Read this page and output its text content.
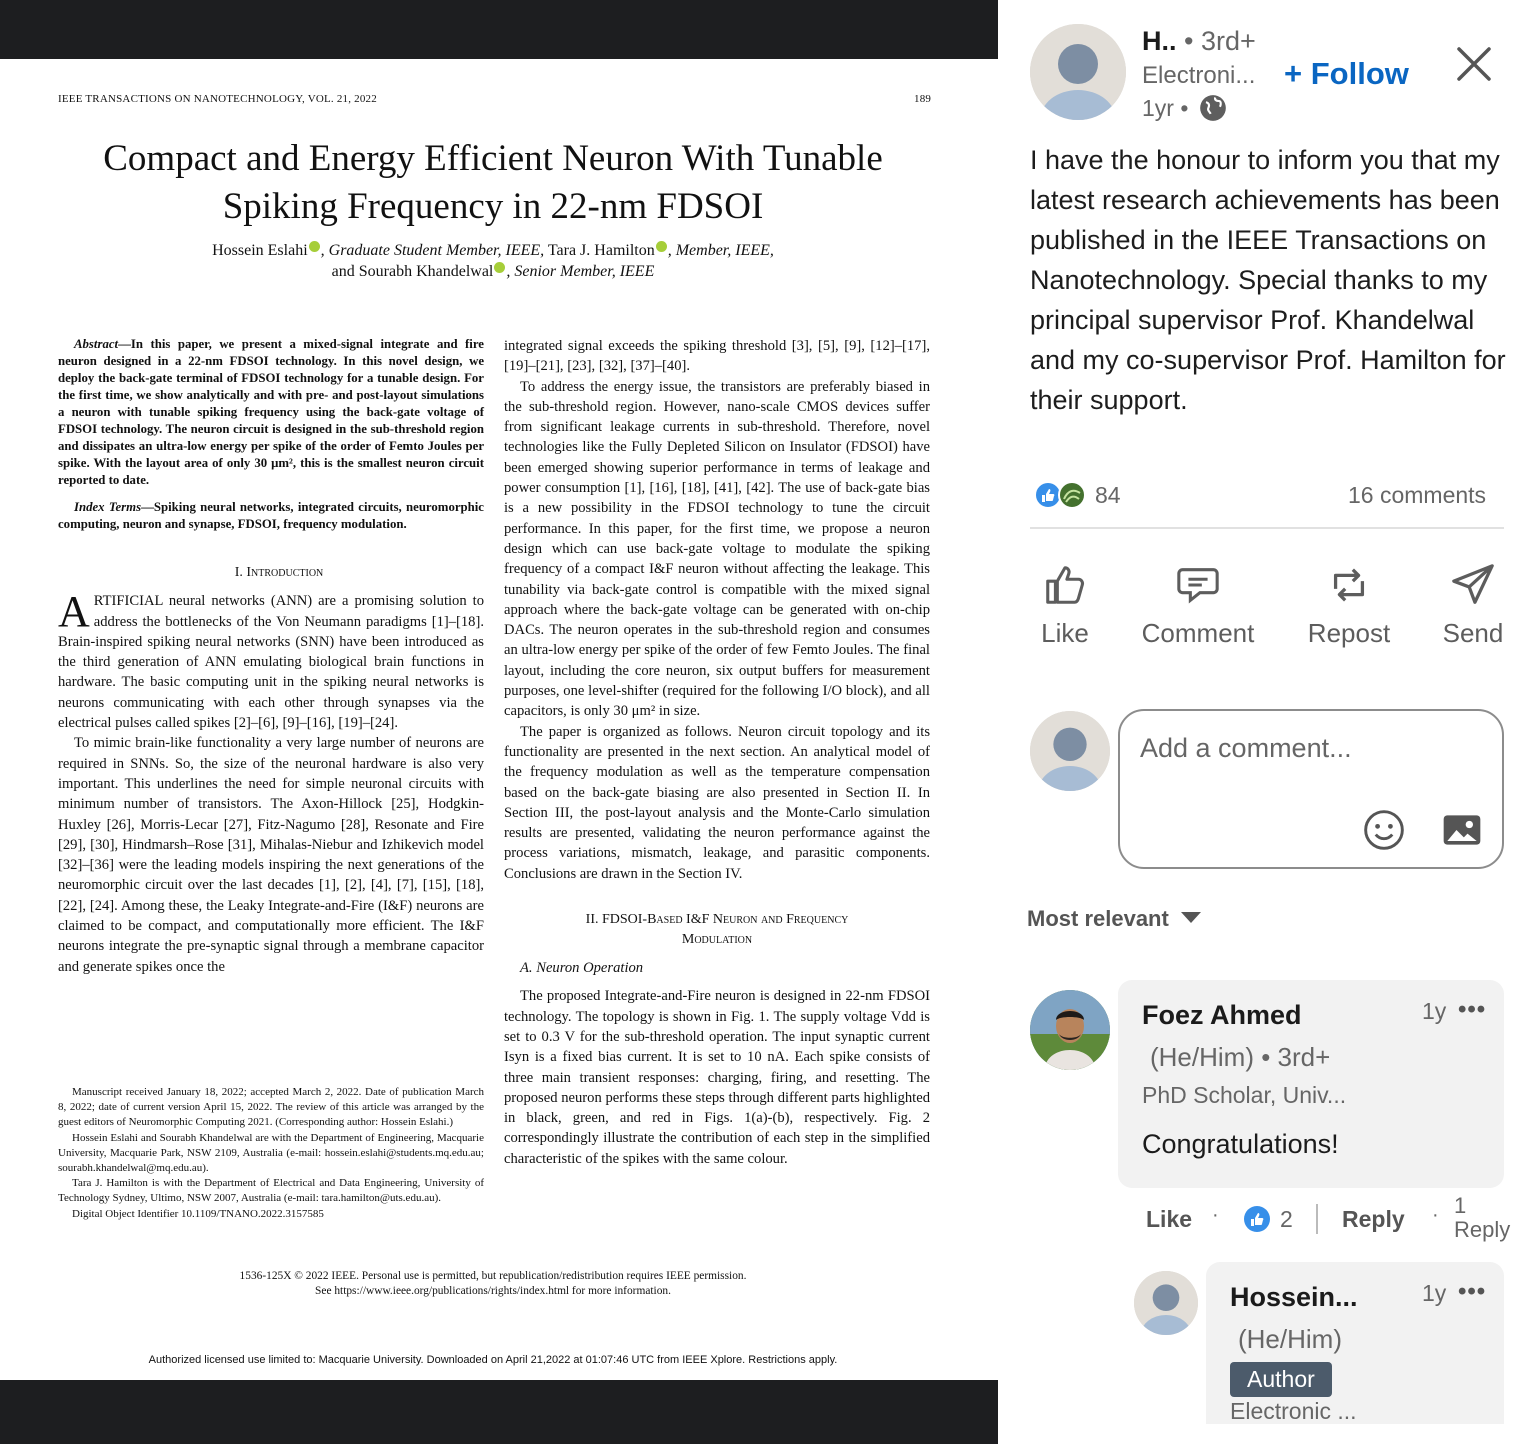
IEEE TRANSACTIONS ON NANOTECHNOLOGY, VOL. 21, 2022	189
Compact and Energy Efficient Neuron With Tunable
Spiking Frequency in 22-nm FDSOI
Hossein Eslahi , Graduate Student Member, IEEE, Tara J. Hamilton , Member, IEEE,
and Sourabh Khandelwal , Senior Member, IEEE

Abstract—In this paper, we present a mixed-signal integrate and fire neuron designed in a 22-nm FDSOI technology. In this novel design, we deploy the back-gate terminal of FDSOI technology for a tunable design. For the first time, we show analytically and with pre- and post-layout simulations a neuron with tunable spiking frequency using the back-gate voltage of FDSOI technology. The neuron circuit is designed in the sub-threshold region and dissipates an ultra-low energy per spike of the order of Femto Joules per spike. With the layout area of only 30 μm², this is the smallest neuron circuit reported to date.

Index Terms—Spiking neural networks, integrated circuits, neuromorphic computing, neuron and synapse, FDSOI, frequency modulation.

I. Introduction

ARTIFICIAL neural networks (ANN) are a promising solution to address the bottlenecks of the Von Neumann paradigms [1]–[18]. Brain-inspired spiking neural networks (SNN) have been introduced as the third generation of ANN emulating biological brain functions in hardware. The basic computing unit in the spiking neural networks is neurons communicating with each other through synapses via the electrical pulses called spikes [2]–[6], [9]–[16], [19]–[24].

To mimic brain-like functionality a very large number of neurons are required in SNNs. So, the size of the neuronal hardware is also very important. This underlines the need for simple neuronal circuits with minimum number of transistors. The Axon-Hillock [25], Hodgkin-Huxley [26], Morris-Lecar [27], Fitz-Nagumo [28], Resonate and Fire [29], [30], Hindmarsh–Rose [31], Mihalas-Niebur and Izhikevich model [32]–[36] were the leading models inspiring the next generations of the neuromorphic circuit over the last decades [1], [2], [4], [7], [15], [18], [22], [24]. Among these, the Leaky Integrate-and-Fire (I&F) neurons are claimed to be compact, and computationally more efficient. The I&F neurons integrate the pre-synaptic signal through a membrane capacitor and generate spikes once the

integrated signal exceeds the spiking threshold [3], [5], [9], [12]–[17], [19]–[21], [23], [32], [37]–[40].

To address the energy issue, the transistors are preferably biased in the sub-threshold region. However, nano-scale CMOS devices suffer from significant leakage currents in sub-threshold. Therefore, novel technologies like the Fully Depleted Silicon on Insulator (FDSOI) have been emerged showing superior performance in terms of leakage and power consumption [1], [16], [18], [41], [42]. The use of back-gate bias is a new possibility in the FDSOI technology to tune the circuit performance. In this paper, for the first time, we propose a neuron design which can use back-gate voltage to modulate the spiking frequency of a compact I&F neuron without affecting the leakage. This tunability via back-gate control is compatible with the mixed signal approach where the back-gate voltage can be generated with on-chip DACs. The neuron operates in the sub-threshold region and consumes an ultra-low energy per spike of the order of few Femto Joules. The final layout, including the core neuron, six output buffers for measurement purposes, one level-shifter (required for the following I/O block), and all capacitors, is only 30 μm² in size.

The paper is organized as follows. Neuron circuit topology and its functionality are presented in the next section. An analytical model of the frequency modulation as well as the temperature compensation based on the back-gate biasing are also presented in Section II. In Section III, the post-layout analysis and the Monte-Carlo simulation results are presented, validating the neuron performance against the process variations, mismatch, leakage, and parasitic components. Conclusions are drawn in the Section IV.

II. FDSOI-Based I&F Neuron and Frequency
Modulation

A. Neuron Operation

The proposed Integrate-and-Fire neuron is designed in 22-nm FDSOI technology. The topology is shown in Fig. 1. The supply voltage Vdd is set to 0.3 V for the sub-threshold operation. The input synaptic current Isyn is a fixed bias current. It is set to 10 nA. Each spike consists of three main transient responses: charging, firing, and resetting. The proposed neuron performs these steps through different parts highlighted in black, green, and red in Figs. 1(a)-(b), respectively. Fig. 2 correspondingly illustrate the contribution of each step in the simplified characteristic of the spikes with the same colour.

Manuscript received January 18, 2022; accepted March 2, 2022. Date of publication March 8, 2022; date of current version April 15, 2022. The review of this article was arranged by the guest editors of Neuromorphic Computing 2021. (Corresponding author: Hossein Eslahi.)

Hossein Eslahi and Sourabh Khandelwal are with the Department of Engineering, Macquarie University, Macquarie Park, NSW 2109, Australia (e-mail: hossein.eslahi@students.mq.edu.au; sourabh.khandelwal@mq.edu.au).

Tara J. Hamilton is with the Department of Electrical and Data Engineering, University of Technology Sydney, Ultimo, NSW 2007, Australia (e-mail: tara.hamilton@uts.edu.au).

Digital Object Identifier 10.1109/TNANO.2022.3157585

1536-125X © 2022 IEEE. Personal use is permitted, but republication/redistribution requires IEEE permission.
See https://www.ieee.org/publications/rights/index.html for more information.
Authorized licensed use limited to: Macquarie University. Downloaded on April 21,2022 at 01:07:46 UTC from IEEE Xplore. Restrictions apply.
H.. • 3rd+
Electroni...
1yr •
+ Follow
I have the honour to inform you that my latest research achievements has been published in the IEEE Transactions on Nanotechnology. Special thanks to my principal supervisor Prof. Khandelwal and my co-supervisor Prof. Hamilton for their support.
84	16 comments
Like	Comment	Repost	Send
Add a comment...
Most relevant
Foez Ahmed	1y •••
(He/Him) • 3rd+
PhD Scholar, Univ...
Congratulations!
Like ·	2 Reply · 1
Reply
Hossein...	1y •••
(He/Him)
Author
Electronic ...
